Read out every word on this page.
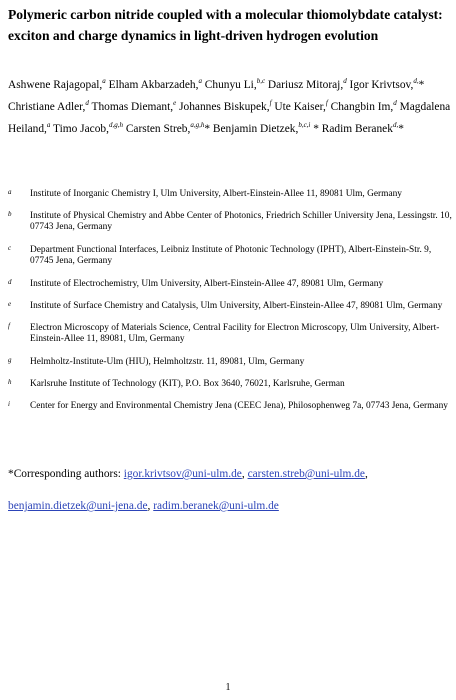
Polymeric carbon nitride coupled with a molecular thiomolybdate catalyst:
exciton and charge dynamics in light-driven hydrogen evolution
Ashwene Rajagopal,$^a$ Elham Akbarzadeh,$^a$ Chunyu Li,$^{b,c}$ Dariusz Mitoraj,$^d$ Igor Krivtsov,$^{d,}$*
Christiane Adler,$^d$ Thomas Diemant,$^e$ Johannes Biskupek,$^f$ Ute Kaiser,$^f$ Changbin Im,$^d$ Magdalena
Heiland,$^a$ Timo Jacob,$^{d,g,h}$ Carsten Streb,$^{a,g,h}$* Benjamin Dietzek,$^{b,c,i}$ * Radim Beranek$^{d,}$*
a Institute of Inorganic Chemistry I, Ulm University, Albert-Einstein-Allee 11, 89081 Ulm, Germany
b Institute of Physical Chemistry and Abbe Center of Photonics, Friedrich Schiller University Jena, Lessingstr. 10, 07743 Jena, Germany
c Department Functional Interfaces, Leibniz Institute of Photonic Technology (IPHT), Albert-Einstein-Str. 9, 07745 Jena, Germany
d Institute of Electrochemistry, Ulm University, Albert-Einstein-Allee 47, 89081 Ulm, Germany
e Institute of Surface Chemistry and Catalysis, Ulm University, Albert-Einstein-Allee 47, 89081 Ulm, Germany
f Electron Microscopy of Materials Science, Central Facility for Electron Microscopy, Ulm University, Albert-Einstein-Allee 11, 89081, Ulm, Germany
g Helmholtz-Institute-Ulm (HIU), Helmholtzstr. 11, 89081, Ulm, Germany
h Karlsruhe Institute of Technology (KIT), P.O. Box 3640, 76021, Karlsruhe, German
i Center for Energy and Environmental Chemistry Jena (CEEC Jena), Philosophenweg 7a, 07743 Jena, Germany
*Corresponding authors: igor.krivtsov@uni-ulm.de, carsten.streb@uni-ulm.de,
benjamin.dietzek@uni-jena.de, radim.beranek@uni-ulm.de
1
